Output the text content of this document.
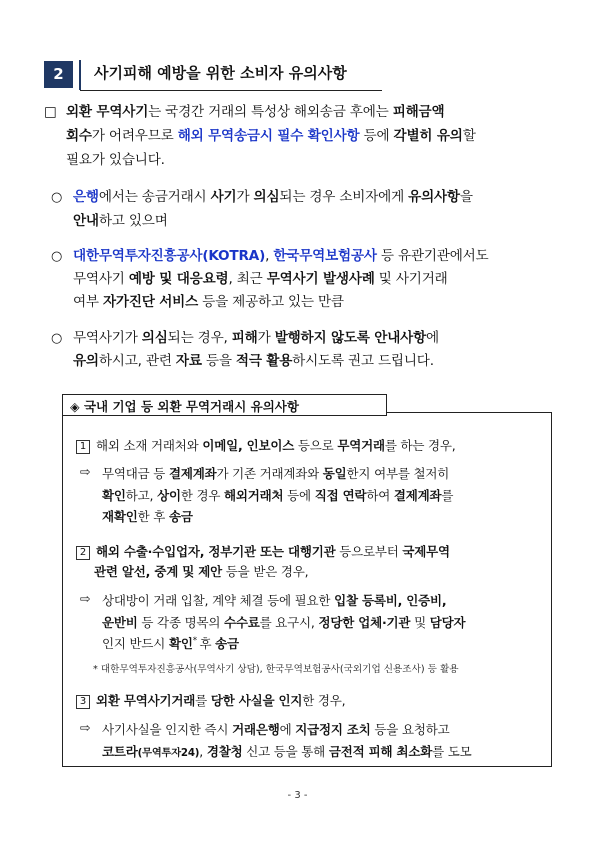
2	사기피해 예방을 위한 소비자 유의사항
□ 외환 무역사기는 국경간 거래의 특성상 해외송금 후에는 피해금액
회수가 어려우므로 해외 무역송금시 필수 확인사항 등에 각별히 유의할
필요가 있습니다.
○ 은행에서는 송금거래시 사기가 의심되는 경우 소비자에게 유의사항을
안내하고 있으며
○ 대한무역투자진흥공사(KOTRA), 한국무역보험공사 등 유관기관에서도
무역사기 예방 및 대응요령, 최근 무역사기 발생사례 및 사기거래
여부 자가진단 서비스 등을 제공하고 있는 만큼
○ 무역사기가 의심되는 경우, 피해가 발행하지 않도록 안내사항에
유의하시고, 관련 자료 등을 적극 활용하시도록 권고 드립니다.
◈ 국내 기업 등 외환 무역거래시 유의사항
1 해외 소재 거래처와 이메일, 인보이스 등으로 무역거래를 하는 경우,
⇨ 무역대금 등 결제계좌가 기존 거래계좌와 동일한지 여부를 철저히
확인하고, 상이한 경우 해외거래처 등에 직접 연락하여 결제계좌를
재확인한 후 송금
2 해외 수출·수입업자, 정부기관 또는 대행기관 등으로부터 국제무역
관련 알선, 중계 및 제안 등을 받은 경우,
⇨ 상대방이 거래 입찰, 계약 체결 등에 필요한 입찰 등록비, 인증비,
운반비 등 각종 명목의 수수료를 요구시, 정당한 업체·기관 및 담당자
인지 반드시 확인* 후 송금
* 대한무역투자진흥공사(무역사기 상담), 한국무역보험공사(국외기업 신용조사) 등 활용
3 외환 무역사기거래를 당한 사실을 인지한 경우,
⇨ 사기사실을 인지한 즉시 거래은행에 지급정지 조치 등을 요청하고
코트라(무역투자24), 경찰청 신고 등을 통해 금전적 피해 최소화를 도모
- 3 -
